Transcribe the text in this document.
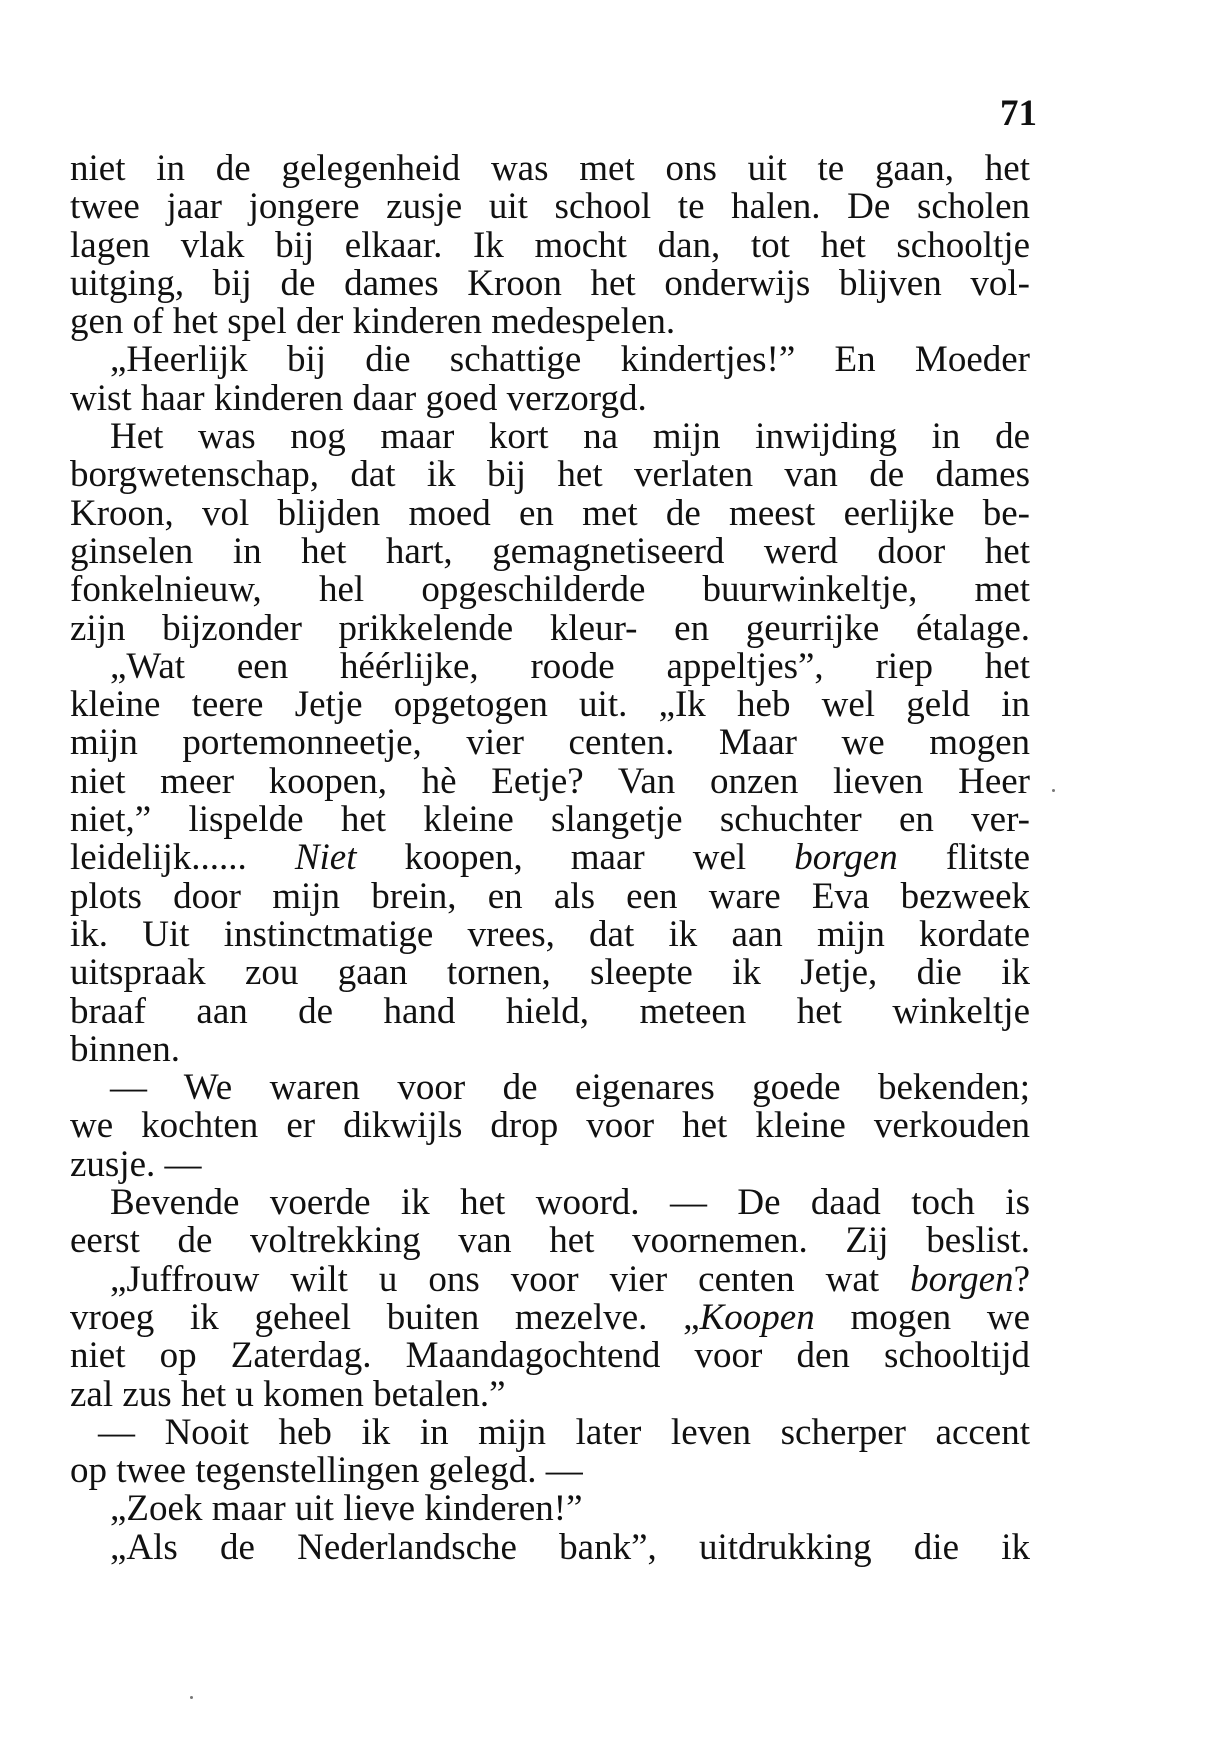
71
niet in de gelegenheid was met ons uit te gaan, het
twee jaar jongere zusje uit school te halen. De scholen
lagen vlak bij elkaar. Ik mocht dan, tot het schooltje
uitging, bij de dames Kroon het onderwijs blijven vol-
gen of het spel der kinderen medespelen.
„Heerlijk bij die schattige kindertjes!” En Moeder
wist haar kinderen daar goed verzorgd.
Het was nog maar kort na mijn inwijding in de
borgwetenschap, dat ik bij het verlaten van de dames
Kroon, vol blijden moed en met de meest eerlijke be-
ginselen in het hart, gemagnetiseerd werd door het
fonkelnieuw, hel opgeschilderde buurwinkeltje, met
zijn bijzonder prikkelende kleur- en geurrijke étalage.
„Wat een héérlijke, roode appeltjes”, riep het
kleine teere Jetje opgetogen uit. „Ik heb wel geld in
mijn portemonneetje, vier centen. Maar we mogen
niet meer koopen, hè Eetje? Van onzen lieven Heer
niet,” lispelde het kleine slangetje schuchter en ver-
leidelijk...... Niet koopen, maar wel borgen flitste
plots door mijn brein, en als een ware Eva bezweek
ik. Uit instinctmatige vrees, dat ik aan mijn kordate
uitspraak zou gaan tornen, sleepte ik Jetje, die ik
braaf aan de hand hield, meteen het winkeltje
binnen.
— We waren voor de eigenares goede bekenden;
we kochten er dikwijls drop voor het kleine verkouden
zusje. —
Bevende voerde ik het woord. — De daad toch is
eerst de voltrekking van het voornemen. Zij beslist.
„Juffrouw wilt u ons voor vier centen wat borgen?
vroeg ik geheel buiten mezelve. „Koopen mogen we
niet op Zaterdag. Maandagochtend voor den schooltijd
zal zus het u komen betalen.”
— Nooit heb ik in mijn later leven scherper accent
op twee tegenstellingen gelegd. —
„Zoek maar uit lieve kinderen!”
„Als de Nederlandsche bank”, uitdrukking die ik
